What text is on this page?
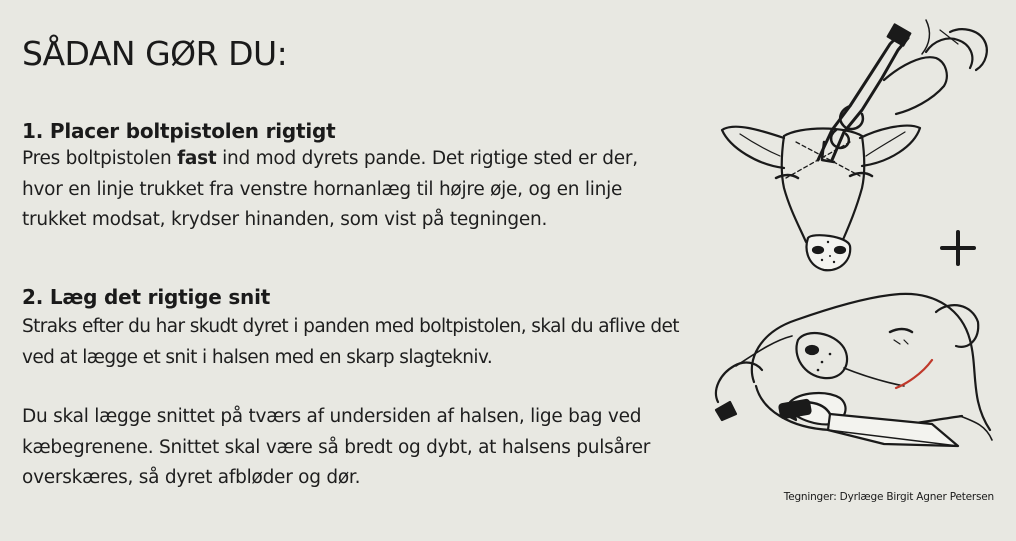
SÅDAN GØR DU:
1. Placer boltpistolen rigtigt

Pres boltpistolen fast ind mod dyrets pande. Det rigtige sted er der, hvor en linje trukket fra venstre hornanlæg til højre øje, og en linje trukket modsat, krydser hinanden, som vist på tegningen.

2. Læg det rigtige snit

Straks efter du har skudt dyret i panden med boltpistolen, skal du aflive det ved at lægge et snit i halsen med en skarp slagtekniv.

Du skal lægge snittet på tværs af undersiden af halsen, lige bag ved kæbegrenene. Snittet skal være så bredt og dybt, at halsens pulsårer overskæres, så dyret afbløder og dør.

Tegninger: Dyrlæge Birgit Agner Petersen
